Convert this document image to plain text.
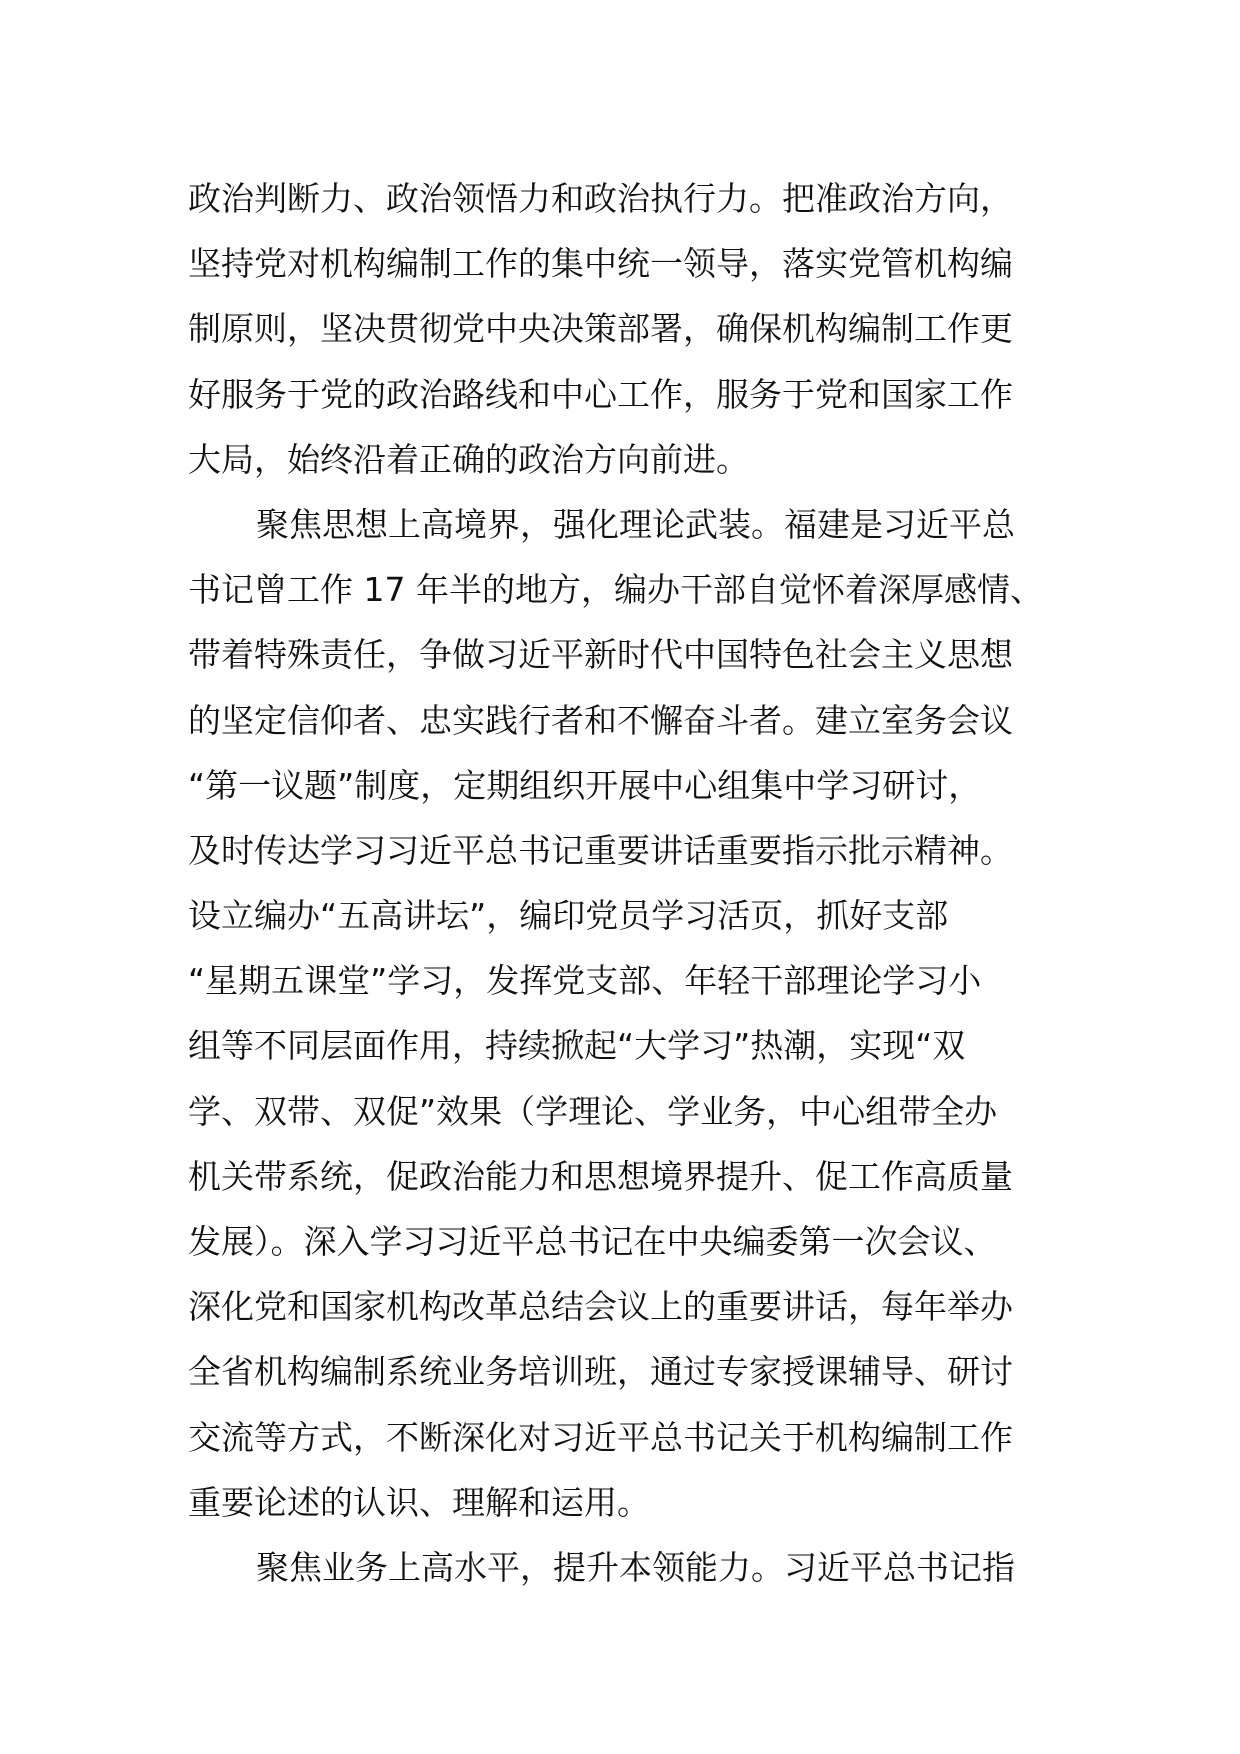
政治判断力、政治领悟力和政治执行力。把准政治方向，
坚持党对机构编制工作的集中统一领导，落实党管机构编
制原则，坚决贯彻党中央决策部署，确保机构编制工作更
好服务于党的政治路线和中心工作，服务于党和国家工作
大局，始终沿着正确的政治方向前进。
聚焦思想上高境界，强化理论武装。福建是习近平总
书记曾工作 17 年半的地方，编办干部自觉怀着深厚感情、
带着特殊责任，争做习近平新时代中国特色社会主义思想
的坚定信仰者、忠实践行者和不懈奋斗者。建立室务会议
“第一议题”制度，定期组织开展中心组集中学习研讨，
及时传达学习习近平总书记重要讲话重要指示批示精神。
设立编办“五高讲坛”，编印党员学习活页，抓好支部
“星期五课堂”学习，发挥党支部、年轻干部理论学习小
组等不同层面作用，持续掀起“大学习”热潮，实现“双
学、双带、双促”效果（学理论、学业务，中心组带全办
机关带系统，促政治能力和思想境界提升、促工作高质量
发展）。深入学习习近平总书记在中央编委第一次会议、
深化党和国家机构改革总结会议上的重要讲话，每年举办
全省机构编制系统业务培训班，通过专家授课辅导、研讨
交流等方式，不断深化对习近平总书记关于机构编制工作
重要论述的认识、理解和运用。
聚焦业务上高水平，提升本领能力。习近平总书记指
